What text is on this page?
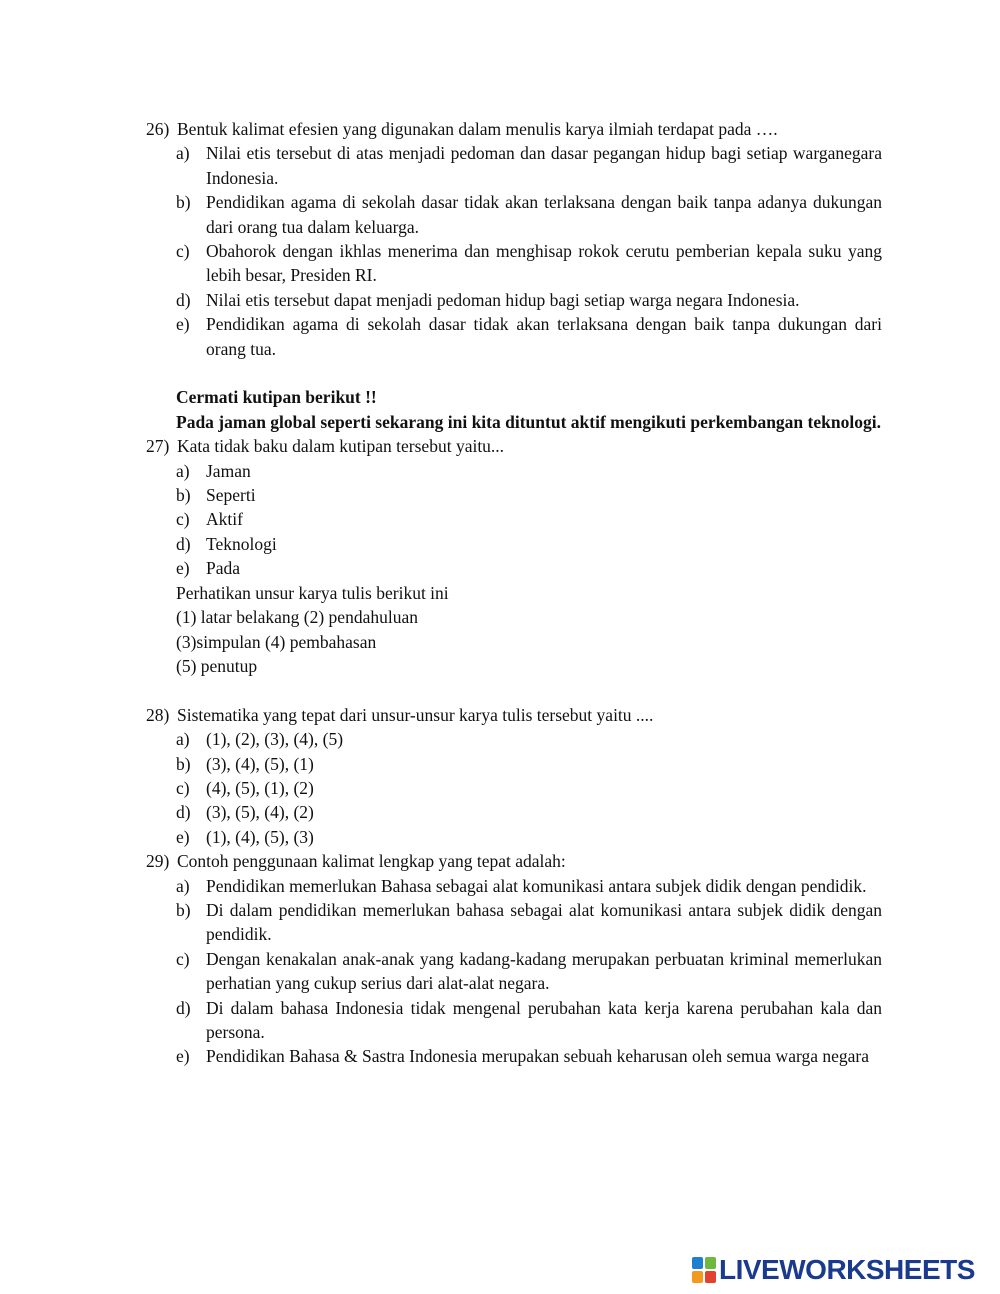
26) Bentuk kalimat efesien yang digunakan dalam menulis karya ilmiah terdapat pada ….
a) Nilai etis tersebut di atas menjadi pedoman dan dasar pegangan hidup bagi setiap warganegara Indonesia.
b) Pendidikan agama di sekolah dasar tidak akan terlaksana dengan baik tanpa adanya dukungan dari orang tua dalam keluarga.
c) Obahorok dengan ikhlas menerima dan menghisap rokok cerutu pemberian kepala suku yang lebih besar, Presiden RI.
d) Nilai etis tersebut dapat menjadi pedoman hidup bagi setiap warga negara Indonesia.
e) Pendidikan agama di sekolah dasar tidak akan terlaksana dengan baik tanpa dukungan dari orang tua.
Cermati kutipan berikut !!
Pada jaman global seperti sekarang ini kita dituntut aktif mengikuti perkembangan teknologi.
27) Kata tidak baku dalam kutipan tersebut yaitu...
a) Jaman
b) Seperti
c) Aktif
d) Teknologi
e) Pada
Perhatikan unsur karya tulis berikut ini
(1) latar belakang (2) pendahuluan
(3)simpulan (4) pembahasan
(5) penutup
28) Sistematika yang tepat dari unsur-unsur karya tulis tersebut yaitu ....
a) (1), (2), (3), (4), (5)
b) (3), (4), (5), (1)
c) (4), (5), (1), (2)
d) (3), (5), (4), (2)
e) (1), (4), (5), (3)
29) Contoh penggunaan kalimat lengkap yang tepat adalah:
a) Pendidikan memerlukan Bahasa sebagai alat komunikasi antara subjek didik dengan pendidik.
b) Di dalam pendidikan memerlukan bahasa sebagai alat komunikasi antara subjek didik dengan pendidik.
c) Dengan kenakalan anak-anak yang kadang-kadang merupakan perbuatan kriminal memerlukan perhatian yang cukup serius dari alat-alat negara.
d) Di dalam bahasa Indonesia tidak mengenal perubahan kata kerja karena perubahan kala dan persona.
e) Pendidikan Bahasa & Sastra Indonesia merupakan sebuah keharusan oleh semua warga negara
LIVEWORKSHEETS
